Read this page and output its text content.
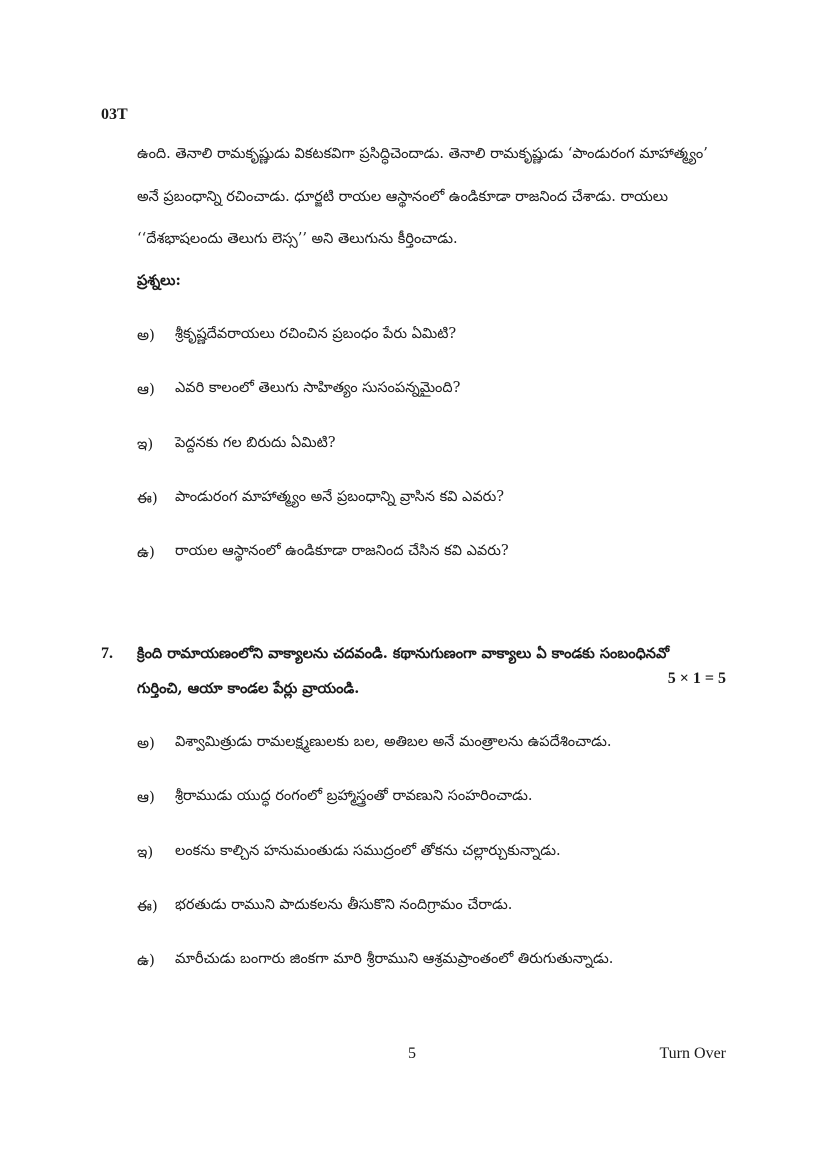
03T
ఉంది. తెనాలి రామకృష్ణుడు వికటకవిగా ప్రసిద్ధిచెందాడు. తెనాలి రామకృష్ణుడు ‘పాండురంగ మాహాత్మ్యం’
అనే ప్రబంధాన్ని రచించాడు. ధూర్జటి రాయల ఆస్థానంలో ఉండికూడా రాజనింద చేశాడు. రాయలు
‘‘దేశభాషలందు తెలుగు లెస్స’’ అని తెలుగును కీర్తించాడు.
ప్రశ్నలు:
అ)	శ్రీకృష్ణదేవరాయలు రచించిన ప్రబంధం పేరు ఏమిటి?
ఆ)	ఎవరి కాలంలో తెలుగు సాహిత్యం సుసంపన్నమైంది?
ఇ)	పెద్దనకు గల బిరుదు ఏమిటి?
ఈ)	పాండురంగ మాహాత్మ్యం అనే ప్రబంధాన్ని వ్రాసిన కవి ఎవరు?
ఉ)	రాయల ఆస్థానంలో ఉండికూడా రాజనింద చేసిన కవి ఎవరు?
7. క్రింది రామాయణంలోని వాక్యాలను చదవండి. కథానుగుణంగా వాక్యాలు ఏ కాండకు సంబంధినవో
గుర్తించి, ఆయా కాండల పేర్లు వ్రాయండి.
5 × 1 = 5
అ)	విశ్వామిత్రుడు రామలక్ష్మణులకు బల, అతిబల అనే మంత్రాలను ఉపదేశించాడు.
ఆ)	శ్రీరాముడు యుద్ధ రంగంలో బ్రహ్మాస్త్రంతో రావణుని సంహరించాడు.
ఇ)	లంకను కాల్చిన హనుమంతుడు సముద్రంలో తోకను చల్లార్చుకున్నాడు.
ఈ)	భరతుడు రాముని పాదుకలను తీసుకొని నందిగ్రామం చేరాడు.
ఉ)	మారీచుడు బంగారు జింకగా మారి శ్రీరాముని ఆశ్రమప్రాంతంలో తిరుగుతున్నాడు.
5	Turn Over
